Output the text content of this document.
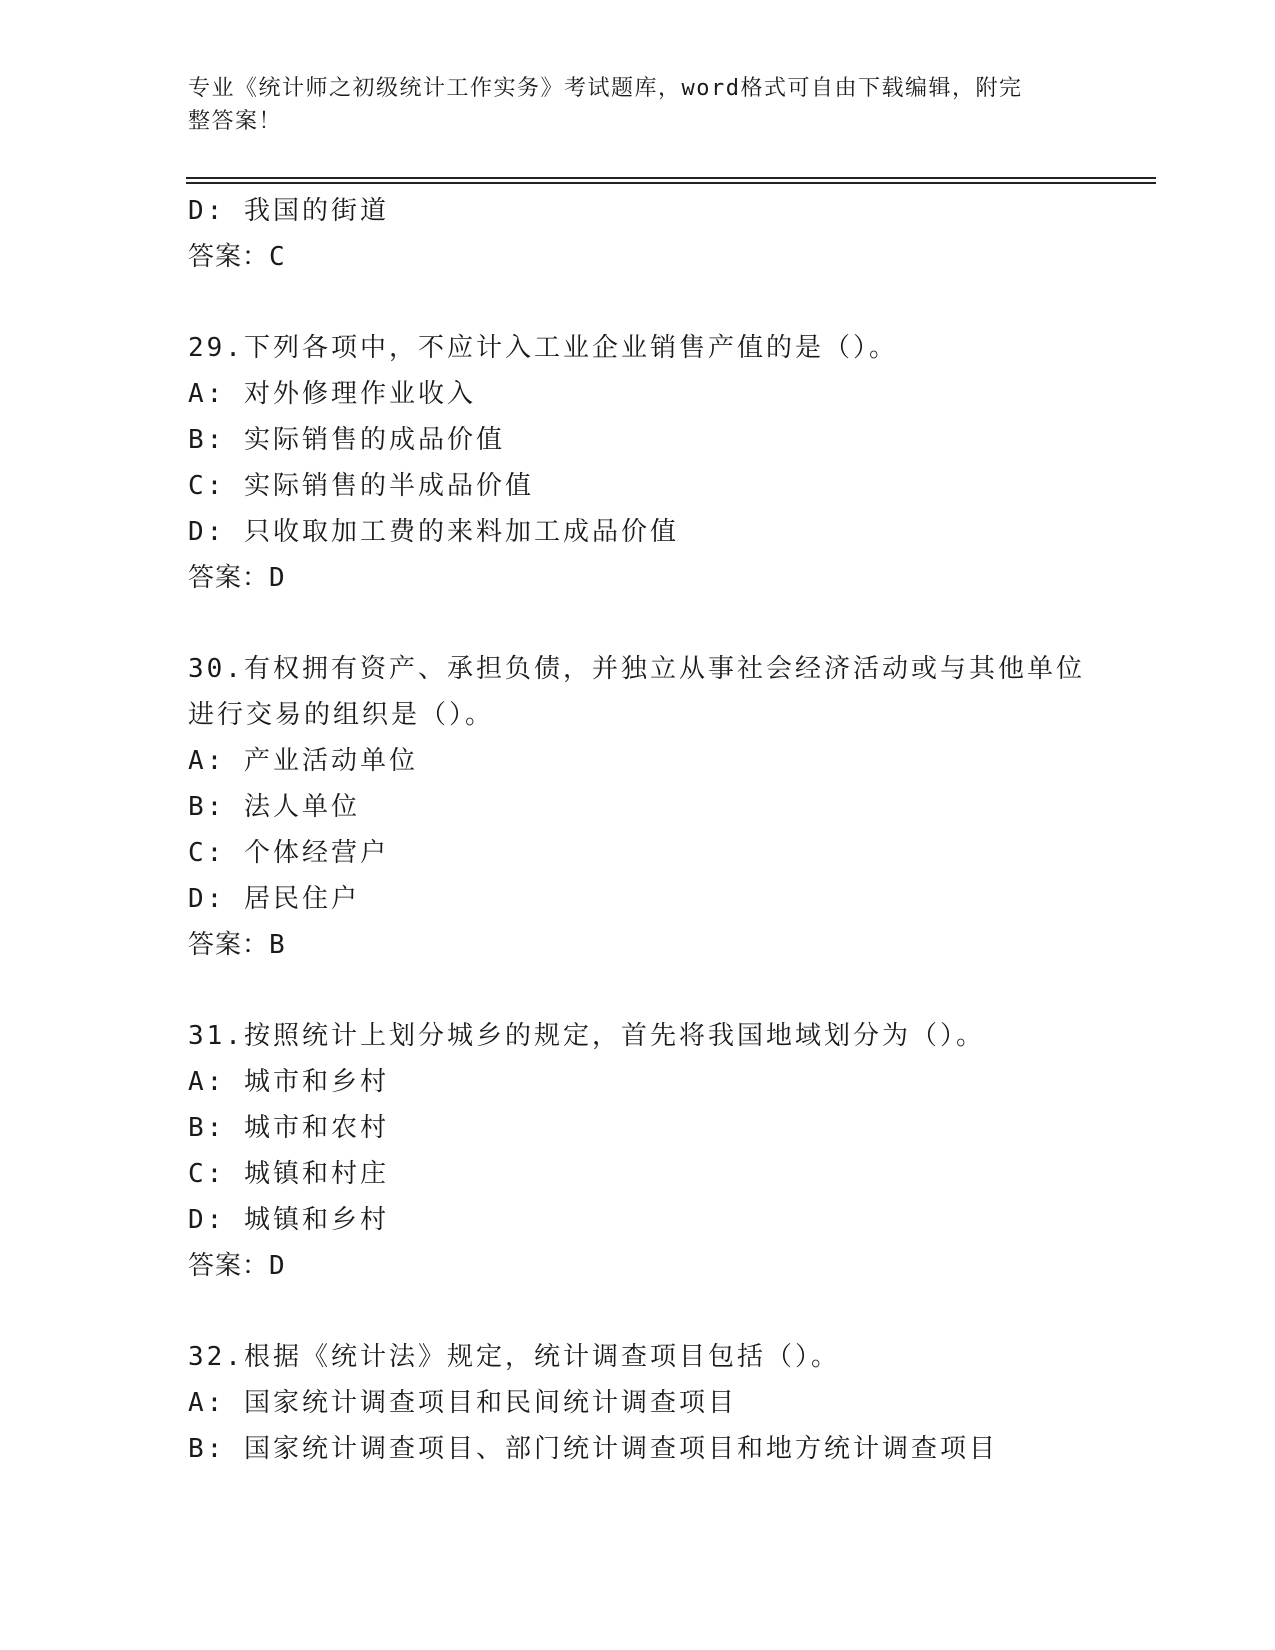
专业《统计师之初级统计工作实务》考试题库，word格式可自由下载编辑，附完
整答案！
D: 我国的街道
答案：C
29.下列各项中，不应计入工业企业销售产值的是（）。
A: 对外修理作业收入
B: 实际销售的成品价值
C: 实际销售的半成品价值
D: 只收取加工费的来料加工成品价值
答案：D
30.有权拥有资产、承担负债，并独立从事社会经济活动或与其他单位
进行交易的组织是（）。
A: 产业活动单位
B: 法人单位
C: 个体经营户
D: 居民住户
答案：B
31.按照统计上划分城乡的规定，首先将我国地域划分为（）。
A: 城市和乡村
B: 城市和农村
C: 城镇和村庄
D: 城镇和乡村
答案：D
32.根据《统计法》规定，统计调查项目包括（）。
A: 国家统计调查项目和民间统计调查项目
B: 国家统计调查项目、部门统计调查项目和地方统计调查项目
